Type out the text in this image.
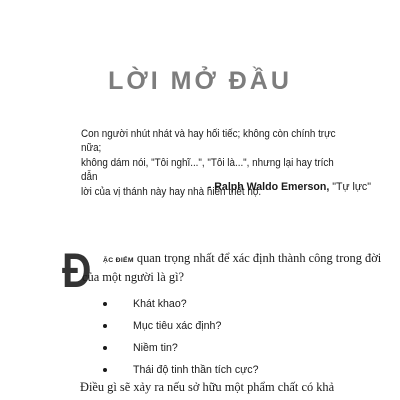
LỜI MỞ ĐẦU

Con người nhút nhát và hay hối tiếc; không còn chính trực nữa;

không dám nói, "Tôi nghĩ...", "Tôi là...", nhưng lại hay trích dẫn

lời của vị thánh này hay nhà hiền triết nọ.

- Ralph Waldo Emerson, "Tự lực"
Đ ẶC ĐIỂM quan trọng nhất để xác định thành công trong đời
của một người là gì?
Khát khao?
Mục tiêu xác định?
Niềm tin?
Thái độ tinh thần tích cực?
Điều gì sẽ xảy ra nếu sở hữu một phẩm chất có khả
